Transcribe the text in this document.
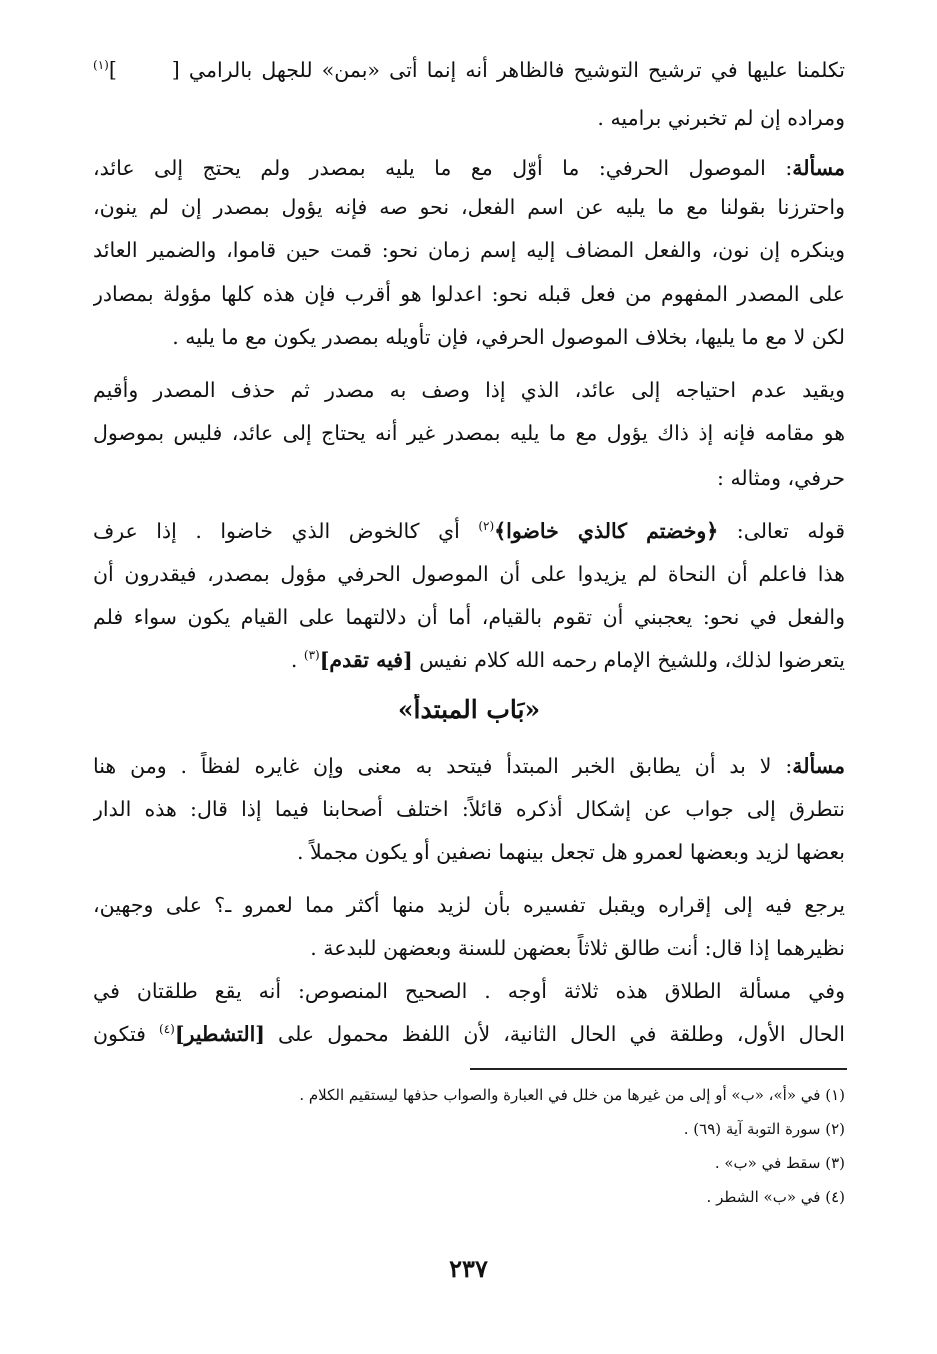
تكلمنا عليها في ترشيح التوشيح فالظاهر أنه إنما أتى «بمن» للجهل بالرامي [      ]$^{(١)}$
ومراده إن لم تخبرني براميه .
مسألة: الموصول الحرفي: ما أوّل مع ما يليه بمصدر ولم يحتج إلى عائد،
واحترزنا بقولنا مع ما يليه عن اسم الفعل، نحو صه فإنه يؤول بمصدر إن لم ينون،
وينكره إن نون، والفعل المضاف إليه إسم زمان نحو: قمت حين قاموا، والضمير العائد
على المصدر المفهوم من فعل قبله نحو: اعدلوا هو أقرب فإن هذه كلها مؤولة بمصادر
لكن لا مع ما يليها، بخلاف الموصول الحرفي، فإن تأويله بمصدر يكون مع ما يليه .
ويقيد عدم احتياجه إلى عائد، الذي إذا وصف به مصدر ثم حذف المصدر وأقيم
هو مقامه فإنه إذ ذاك يؤول مع ما يليه بمصدر غير أنه يحتاج إلى عائد، فليس بموصول
حرفي، ومثاله :
قوله تعالى: ﴿وخضتم كالذي خاضوا﴾$^{(٢)}$ أي كالخوض الذي خاضوا . إذا عرف
هذا فاعلم أن النحاة لم يزيدوا على أن الموصول الحرفي مؤول بمصدر، فيقدرون أن
والفعل في نحو: يعجبني أن تقوم بالقيام، أما أن دلالتهما على القيام يكون سواء فلم
يتعرضوا لذلك، وللشيخ الإمام رحمه الله كلام نفيس [فيه تقدم]$^{(٣)}$ .
«بَاب المبتدأ»
مسألة: لا بد أن يطابق الخبر المبتدأ فيتحد به معنى وإن غايره لفظاً . ومن هنا
نتطرق إلى جواب عن إشكال أذكره قائلاً: اختلف أصحابنا فيما إذا قال: هذه الدار
بعضها لزيد وبعضها لعمرو هل تجعل بينهما نصفين أو يكون مجملاً .
يرجع فيه إلى إقراره ويقبل تفسيره بأن لزيد منها أكثر مما لعمرو ـ؟ على وجهين،
نظيرهما إذا قال: أنت طالق ثلاثاً بعضهن للسنة وبعضهن للبدعة .
وفي مسألة الطلاق هذه ثلاثة أوجه . الصحيح المنصوص: أنه يقع طلقتان في
الحال الأول، وطلقة في الحال الثانية، لأن اللفظ محمول على [التشطير]$^{(٤)}$ فتكون
(١) في «أ»، «ب» أو إلى من غيرها من خلل في العبارة والصواب حذفها ليستقيم الكلام .
(٢) سورة التوبة آية (٦٩) .
(٣) سقط في «ب» .
(٤) في «ب» الشطر .
٢٣٧
